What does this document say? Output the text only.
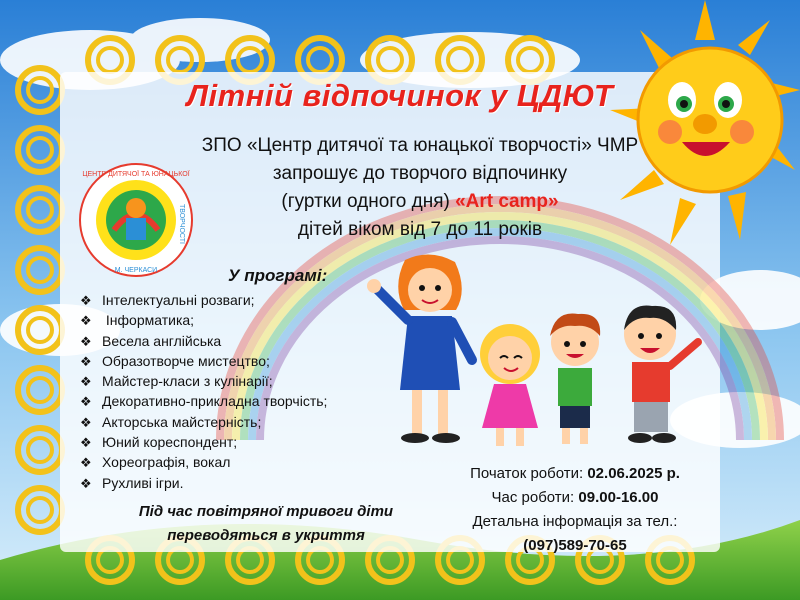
ЦЕНТР ДИТЯЧОЇ ТА ЮНАЦЬКОЇ
ТВОРЧОСТІ
М. ЧЕРКАСИ
Літній відпочинок у ЦДЮТ
ЗПО «Центр дитячої та юнацької творчості» ЧМР
запрошує до творчого відпочинку
(гуртки одного дня) «Art camp»
дітей віком від 7 до 11 років
У програмі:
❖ Інтелектуальні розваги;
❖ Інформатика;
❖ Весела англійська
❖ Образотворче мистецтво;
❖ Майстер-класи з кулінарії;
❖ Декоративно-прикладна творчість;
❖ Акторська майстерність;
❖ Юний кореспондент;
❖ Хореографія, вокал
❖ Рухливі ігри.
Під час повітряної тривоги діти
переводяться в укриття
Початок роботи: 02.06.2025 р.
Час роботи: 09.00-16.00
Детальна інформація за тел.:
(097)589-70-65
